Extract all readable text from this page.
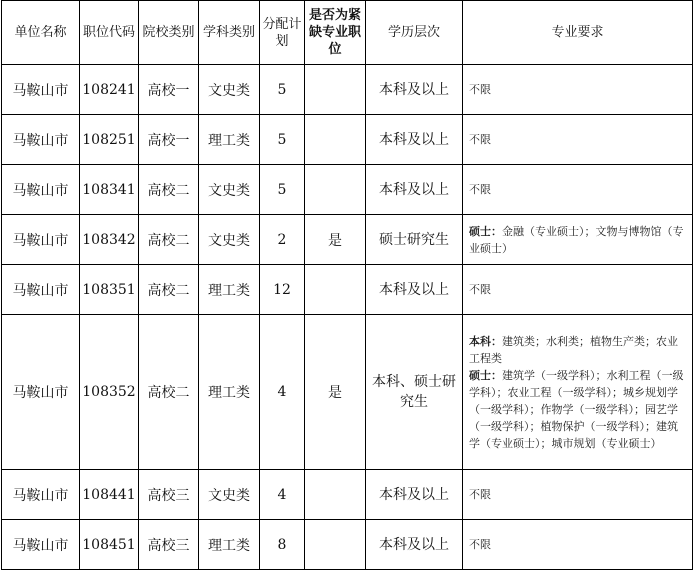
单位名称	职位代码	院校类别	学科类别	分配计划	是否为紧缺专业职位	学历层次	专业要求
马鞍山市	108241	高校一	文史类	5		本科及以上	不限
马鞍山市	108251	高校一	理工类	5		本科及以上	不限
马鞍山市	108341	高校二	文史类	5		本科及以上	不限
马鞍山市	108342	高校二	文史类	2	是	硕士研究生	硕士：金融（专业硕士）；文物与博物馆（专业硕士）
马鞍山市	108351	高校二	理工类	12		本科及以上	不限
马鞍山市	108352	高校二	理工类	4	是	本科、硕士研究生	本科：建筑类；水利类；植物生产类；农业工程类
硕士：建筑学（一级学科）；水利工程（一级学科）；农业工程（一级学科）；城乡规划学（一级学科）；作物学（一级学科）；园艺学（一级学科）；植物保护（一级学科）；建筑学（专业硕士）；城市规划（专业硕士）
马鞍山市	108441	高校三	文史类	4		本科及以上	不限
马鞍山市	108451	高校三	理工类	8		本科及以上	不限
